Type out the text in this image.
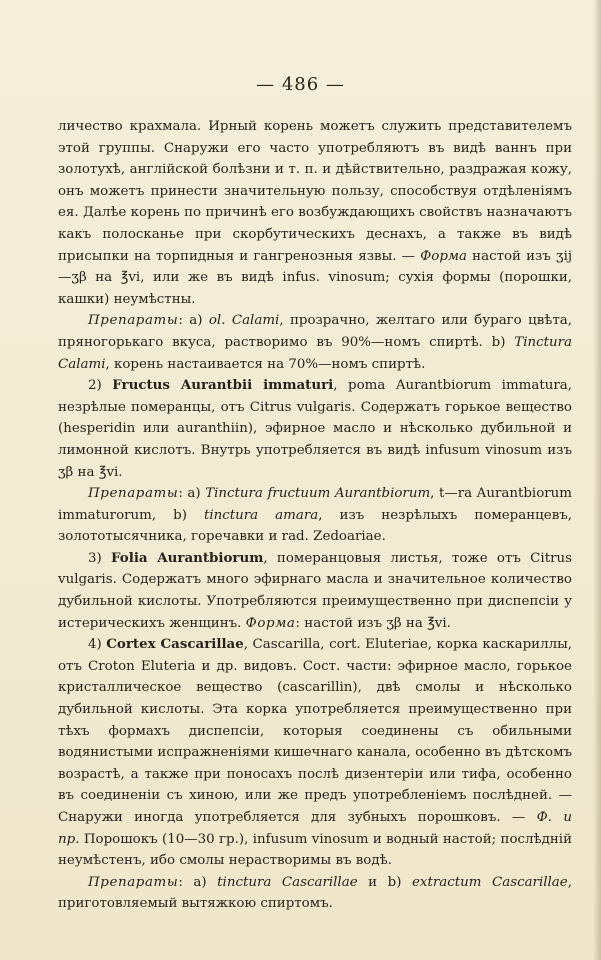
— 486 —

личество крахмала. Ирный корень можетъ служить представителемъ этой группы. Снаружи его часто употребляютъ въ видѣ ваннъ при золотухѣ, англійской болѣзни и т. п. и дѣйствительно, раздражая кожу, онъ можетъ принести значительную пользу, способствуя отдѣленіямъ ея. Далѣе корень по причинѣ его возбуждающихъ свойствъ назначаютъ какъ полосканье при скорбутическихъ деснахъ, а также въ видѣ присыпки на торпидныя и гангренозныя язвы. — Форма настой изъ ʒij—ʒβ на ℥vi, или же въ видѣ infus. vinosum; сухія формы (порошки, кашки) неумѣстны.

Препараты: a) ol. Calami, прозрачно, желтаго или бураго цвѣта, пряногорькаго вкуса, растворимо въ 90%—номъ спиртѣ. b) Tinctura Calami, корень настаивается на 70%—номъ спиртѣ.

2) Fructus Aurantbii immaturi, poma Aurantbiorum immatura, незрѣлые померанцы, отъ Citrus vulgaris. Содержатъ горькое вещество (hesperidin или auranthiin), эфирное масло и нѣсколько дубильной и лимонной кислотъ. Внутрь употребляется въ видѣ infusum vinosum изъ ʒβ на ℥vi.

Препараты: a) Tinctura fructuum Aurantbiorum, t—ra Aurantbiorum immaturorum, b) tinctura amara, изъ незрѣлыхъ померанцевъ, золототысячника, горечавки и rad. Zedoariae.

3) Folia Aurantbiorum, померанцовыя листья, тоже отъ Citrus vulgaris. Содержатъ много эфирнаго масла и значительное количество дубильной кислоты. Употребляются преимущественно при диспепсіи у истерическихъ женщинъ. Форма: настой изъ ʒβ на ℥vi.

4) Cortex Cascarillae, Cascarilla, cort. Eluteriae, корка каскариллы, отъ Croton Eluteria и др. видовъ. Сост. части: эфирное масло, горькое кристаллическое вещество (cascarillin), двѣ смолы и нѣсколько дубильной кислоты. Эта корка употребляется преимущественно при тѣхъ формахъ диспепсіи, которыя соединены съ обильными водянистыми испражненіями кишечнаго канала, особенно въ дѣтскомъ возрастѣ, а также при поносахъ послѣ дизентеріи или тифа, особенно въ соединеніи съ хиною, или же предъ употребленіемъ послѣдней. — Снаружи иногда употребляется для зубныхъ порошковъ. — Ф. и пр. Порошокъ (10—30 гр.), infusum vinosum и водный настой; послѣдній неумѣстенъ, ибо смолы нерастворимы въ водѣ.

Препараты: a) tinctura Cascarillae и b) extractum Cascarillae, приготовляемый вытяжкою спиртомъ.
